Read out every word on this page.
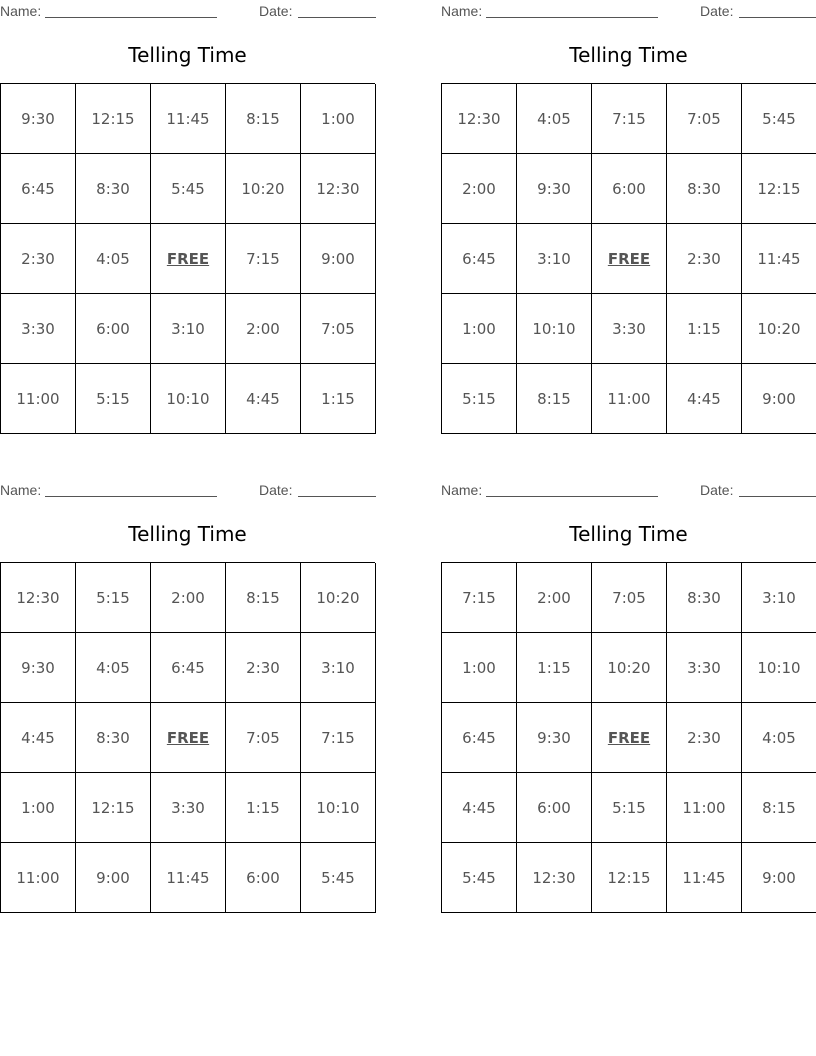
Name:	Date:
Telling Time
9:30	12:15	11:45	8:15	1:00
6:45	8:30	5:45	10:20	12:30
2:30	4:05	FREE	7:15	9:00
3:30	6:00	3:10	2:00	7:05
11:00	5:15	10:10	4:45	1:15
Name:	Date:
Telling Time
12:30	4:05	7:15	7:05	5:45
2:00	9:30	6:00	8:30	12:15
6:45	3:10	FREE	2:30	11:45
1:00	10:10	3:30	1:15	10:20
5:15	8:15	11:00	4:45	9:00
Name:	Date:
Telling Time
12:30	5:15	2:00	8:15	10:20
9:30	4:05	6:45	2:30	3:10
4:45	8:30	FREE	7:05	7:15
1:00	12:15	3:30	1:15	10:10
11:00	9:00	11:45	6:00	5:45
Name:	Date:
Telling Time
7:15	2:00	7:05	8:30	3:10
1:00	1:15	10:20	3:30	10:10
6:45	9:30	FREE	2:30	4:05
4:45	6:00	5:15	11:00	8:15
5:45	12:30	12:15	11:45	9:00
